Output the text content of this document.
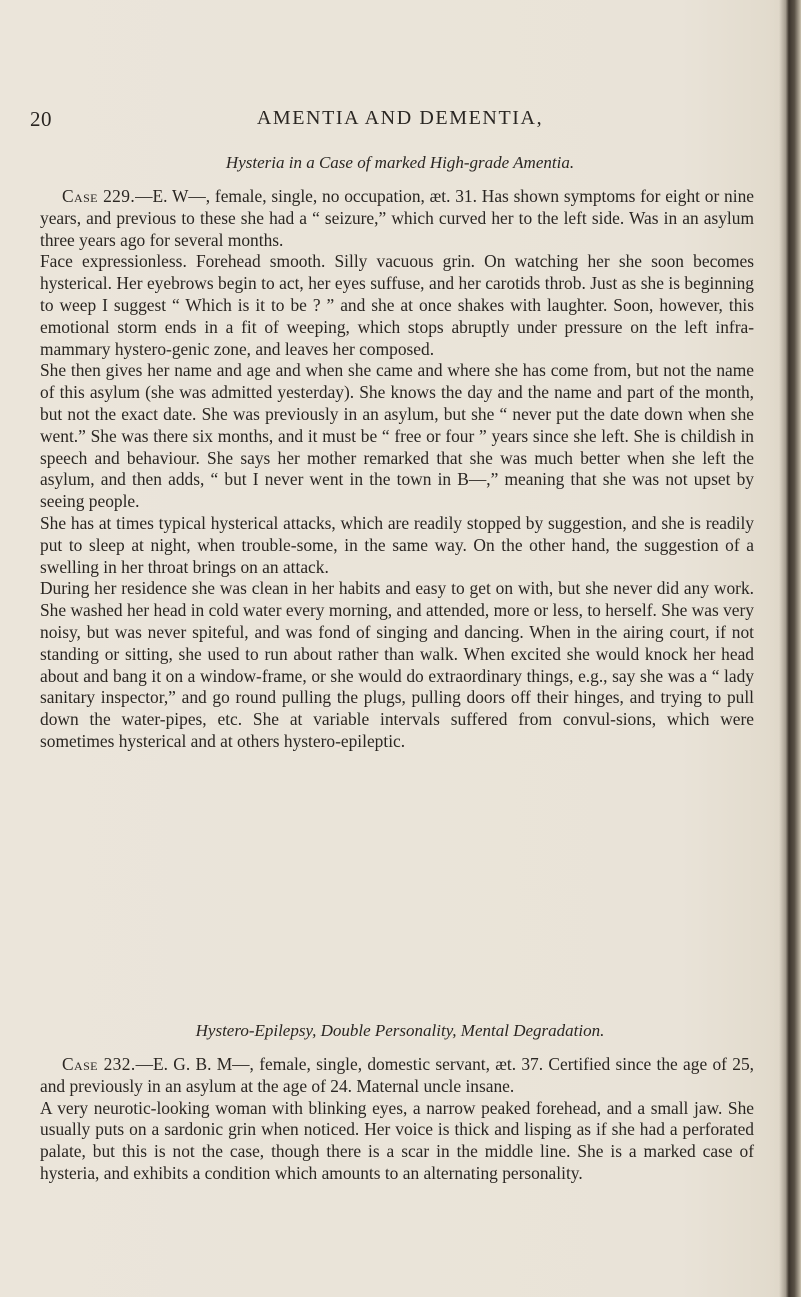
20	AMENTIA AND DEMENTIA,
Hysteria in a Case of marked High-grade Amentia.

Case 229.—E. W—, female, single, no occupation, æt. 31. Has shown symptoms for eight or nine years, and previous to these she had a “ seizure,” which curved her to the left side. Was in an asylum three years ago for several months.

Face expressionless. Forehead smooth. Silly vacuous grin. On watching her she soon becomes hysterical. Her eyebrows begin to act, her eyes suffuse, and her carotids throb. Just as she is beginning to weep I suggest “ Which is it to be ? ” and she at once shakes with laughter. Soon, however, this emotional storm ends in a fit of weeping, which stops abruptly under pressure on the left infra-mammary hystero-genic zone, and leaves her composed.

She then gives her name and age and when she came and where she has come from, but not the name of this asylum (she was admitted yesterday). She knows the day and the name and part of the month, but not the exact date. She was previously in an asylum, but she “ never put the date down when she went.” She was there six months, and it must be “ free or four ” years since she left. She is childish in speech and behaviour. She says her mother remarked that she was much better when she left the asylum, and then adds, “ but I never went in the town in B—,” meaning that she was not upset by seeing people.

She has at times typical hysterical attacks, which are readily stopped by suggestion, and she is readily put to sleep at night, when trouble-some, in the same way. On the other hand, the suggestion of a swelling in her throat brings on an attack.

During her residence she was clean in her habits and easy to get on with, but she never did any work. She washed her head in cold water every morning, and attended, more or less, to herself. She was very noisy, but was never spiteful, and was fond of singing and dancing. When in the airing court, if not standing or sitting, she used to run about rather than walk. When excited she would knock her head about and bang it on a window-frame, or she would do extraordinary things, e.g., say she was a “ lady sanitary inspector,” and go round pulling the plugs, pulling doors off their hinges, and trying to pull down the water-pipes, etc. She at variable intervals suffered from convul-sions, which were sometimes hysterical and at others hystero-epileptic.

Hystero-Epilepsy, Double Personality, Mental Degradation.

Case 232.—E. G. B. M—, female, single, domestic servant, æt. 37. Certified since the age of 25, and previously in an asylum at the age of 24. Maternal uncle insane.

A very neurotic-looking woman with blinking eyes, a narrow peaked forehead, and a small jaw. She usually puts on a sardonic grin when noticed. Her voice is thick and lisping as if she had a perforated palate, but this is not the case, though there is a scar in the middle line. She is a marked case of hysteria, and exhibits a condition which amounts to an alternating personality.
